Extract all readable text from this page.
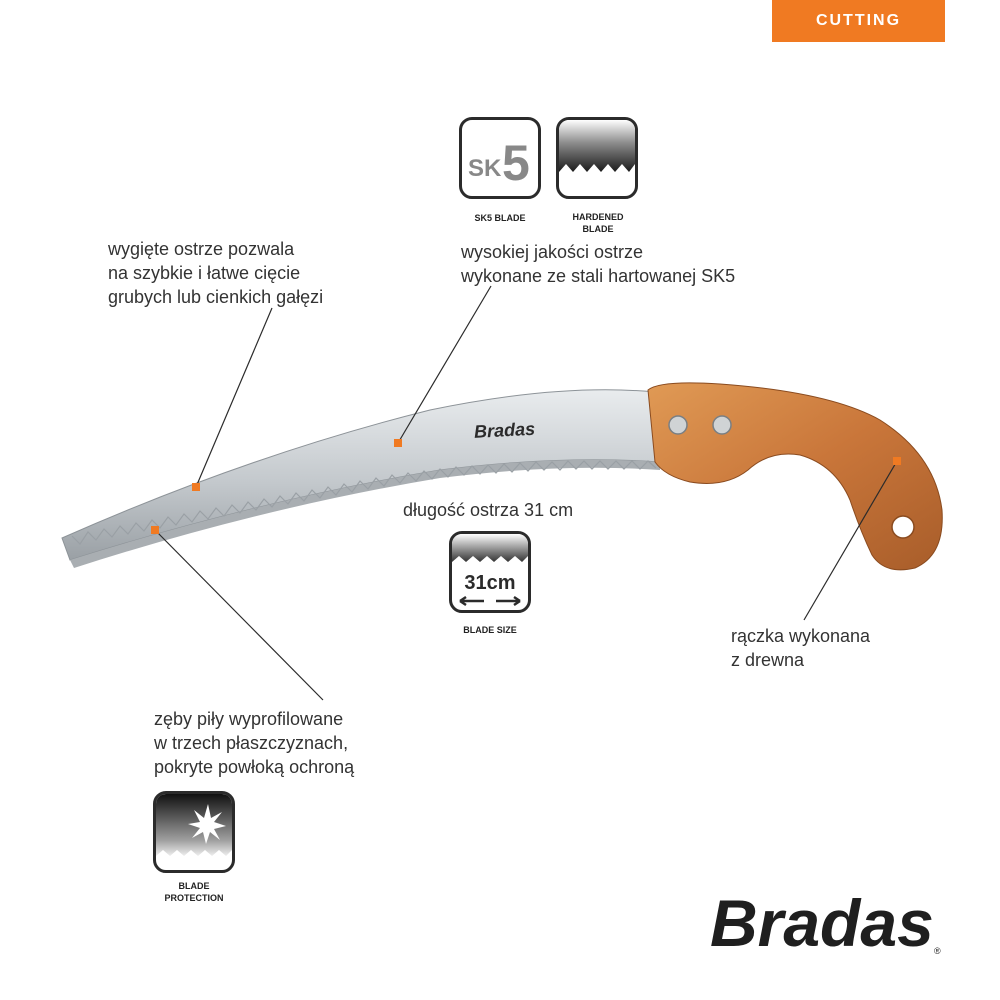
CUTTING
SK 5
SK5 BLADE	HARDENED
BLADE
wygięte ostrze pozwala
na szybkie i łatwe cięcie
grubych lub cienkich gałęzi
wysokiej jakości ostrze
wykonane ze stali hartowanej SK5
długość ostrza 31 cm
rączka wykonana
z drewna
zęby piły wyprofilowane
w trzech płaszczyznach,
pokryte powłoką ochroną
Bradas
31cm
BLADE SIZE
BLADE
PROTECTION	Bradas ®
